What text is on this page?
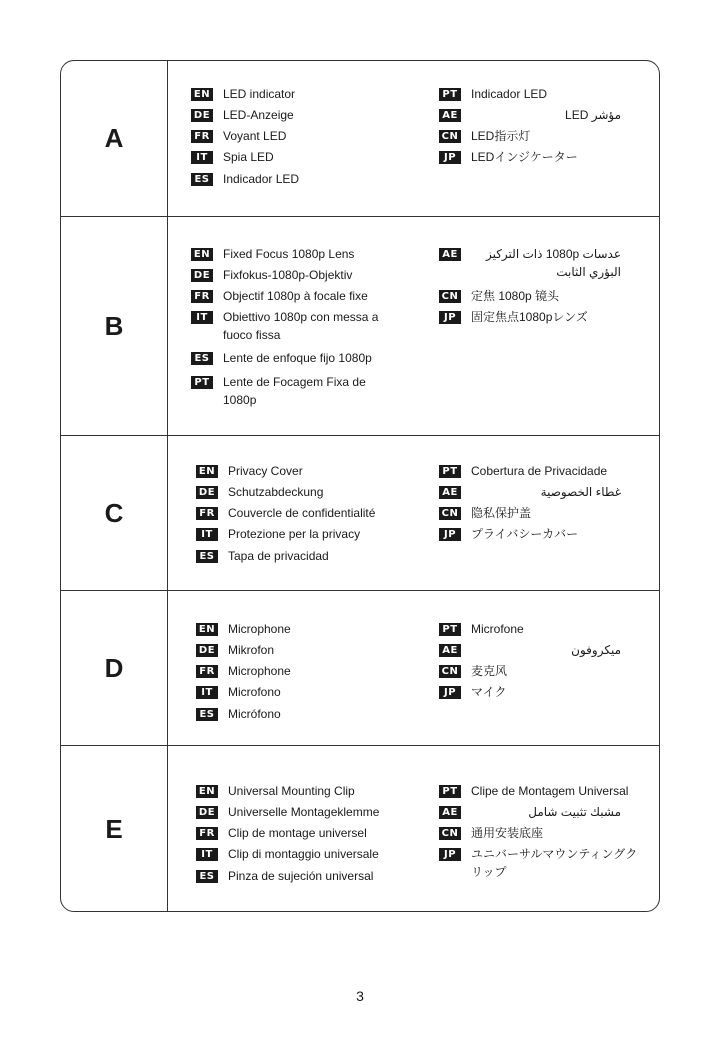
A
EN LED indicator
DE LED-Anzeige
FR Voyant LED
IT	Spia LED
ES Indicador LED
PT Indicador LED
AE	مؤشر LED
CN LED指示灯
JP	LEDインジケーター
B
EN Fixed Focus 1080p Lens
DE Fixfokus-1080p-Objektiv
FR Objectif 1080p à focale fixe
IT	Obiettivo 1080p con messa a fuoco fissa
ES Lente de enfoque fijo 1080p
PT Lente de Focagem Fixa de 1080p
AE	عدسات 1080p ذات التركيز البؤري الثابت
CN 定焦 1080p 镜头
JP	固定焦点1080pレンズ
C
EN Privacy Cover
DE Schutzabdeckung
FR Couvercle de confidentialité
IT	Protezione per la privacy
ES Tapa de privacidad
PT Cobertura de Privacidade
AE	غطاء الخصوصية
CN 隐私保护盖
JP	プライバシーカバー
D
EN Microphone
DE Mikrofon
FR Microphone
IT	Microfono
ES Micrófono
PT Microfone
AE	ميكروفون
CN 麦克风
JP	マイク
E
EN Universal Mounting Clip
DE Universelle Montageklemme
FR Clip de montage universel
IT	Clip di montaggio universale
ES Pinza de sujeción universal
PT Clipe de Montagem Universal
AE	مشبك تثبيت شامل
CN 通用安装底座
JP	ユニバーサルマウンティングクリップ
3
